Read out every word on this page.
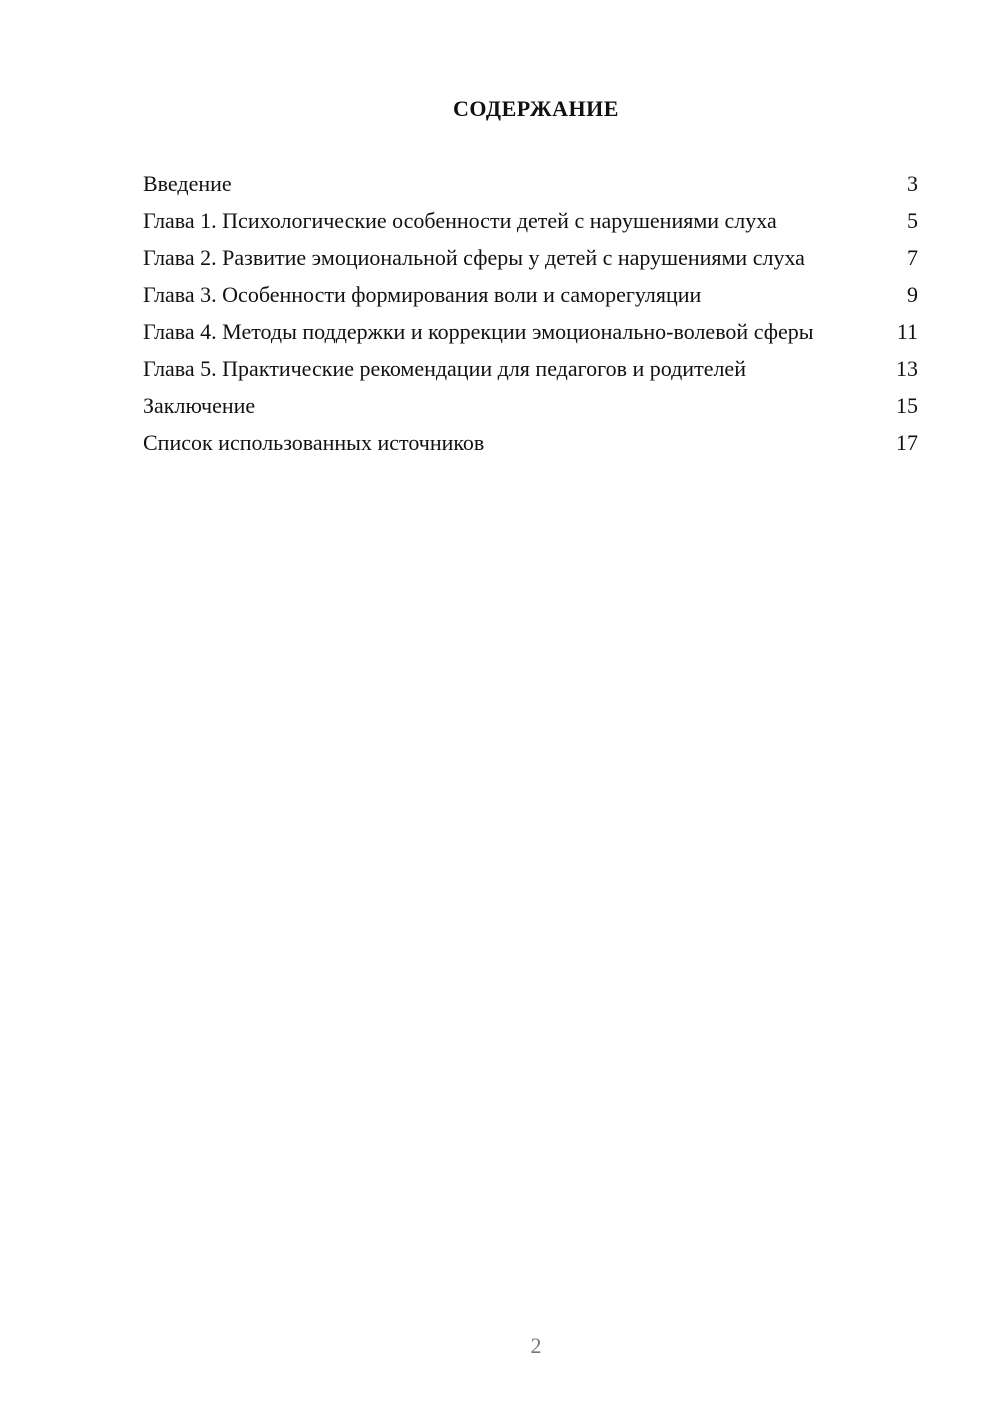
СОДЕРЖАНИЕ
Введение	3
Глава 1. Психологические особенности детей с нарушениями слуха	5
Глава 2. Развитие эмоциональной сферы у детей с нарушениями слуха	7
Глава 3. Особенности формирования воли и саморегуляции	9
Глава 4. Методы поддержки и коррекции эмоционально-волевой сферы	11
Глава 5. Практические рекомендации для педагогов и родителей	13
Заключение	15
Список использованных источников	17
2
